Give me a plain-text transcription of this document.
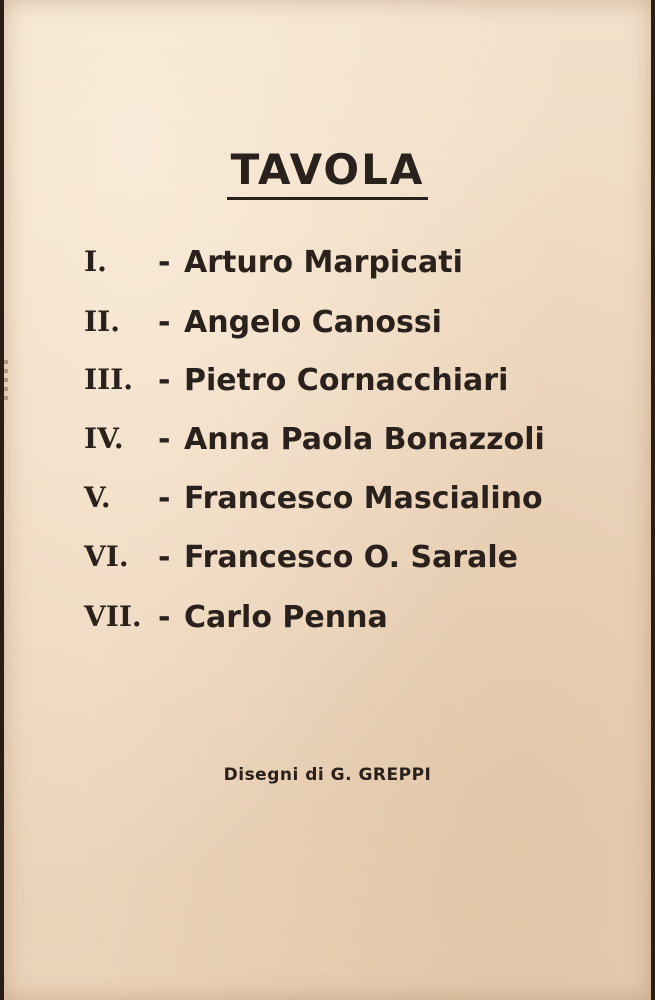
TAVOLA
I. - Arturo Marpicati
II. - Angelo Canossi
III. - Pietro Cornacchiari
IV. - Anna Paola Bonazzoli
V. - Francesco Mascialino
VI. - Francesco O. Sarale
VII. - Carlo Penna
Disegni di G. GREPPI
